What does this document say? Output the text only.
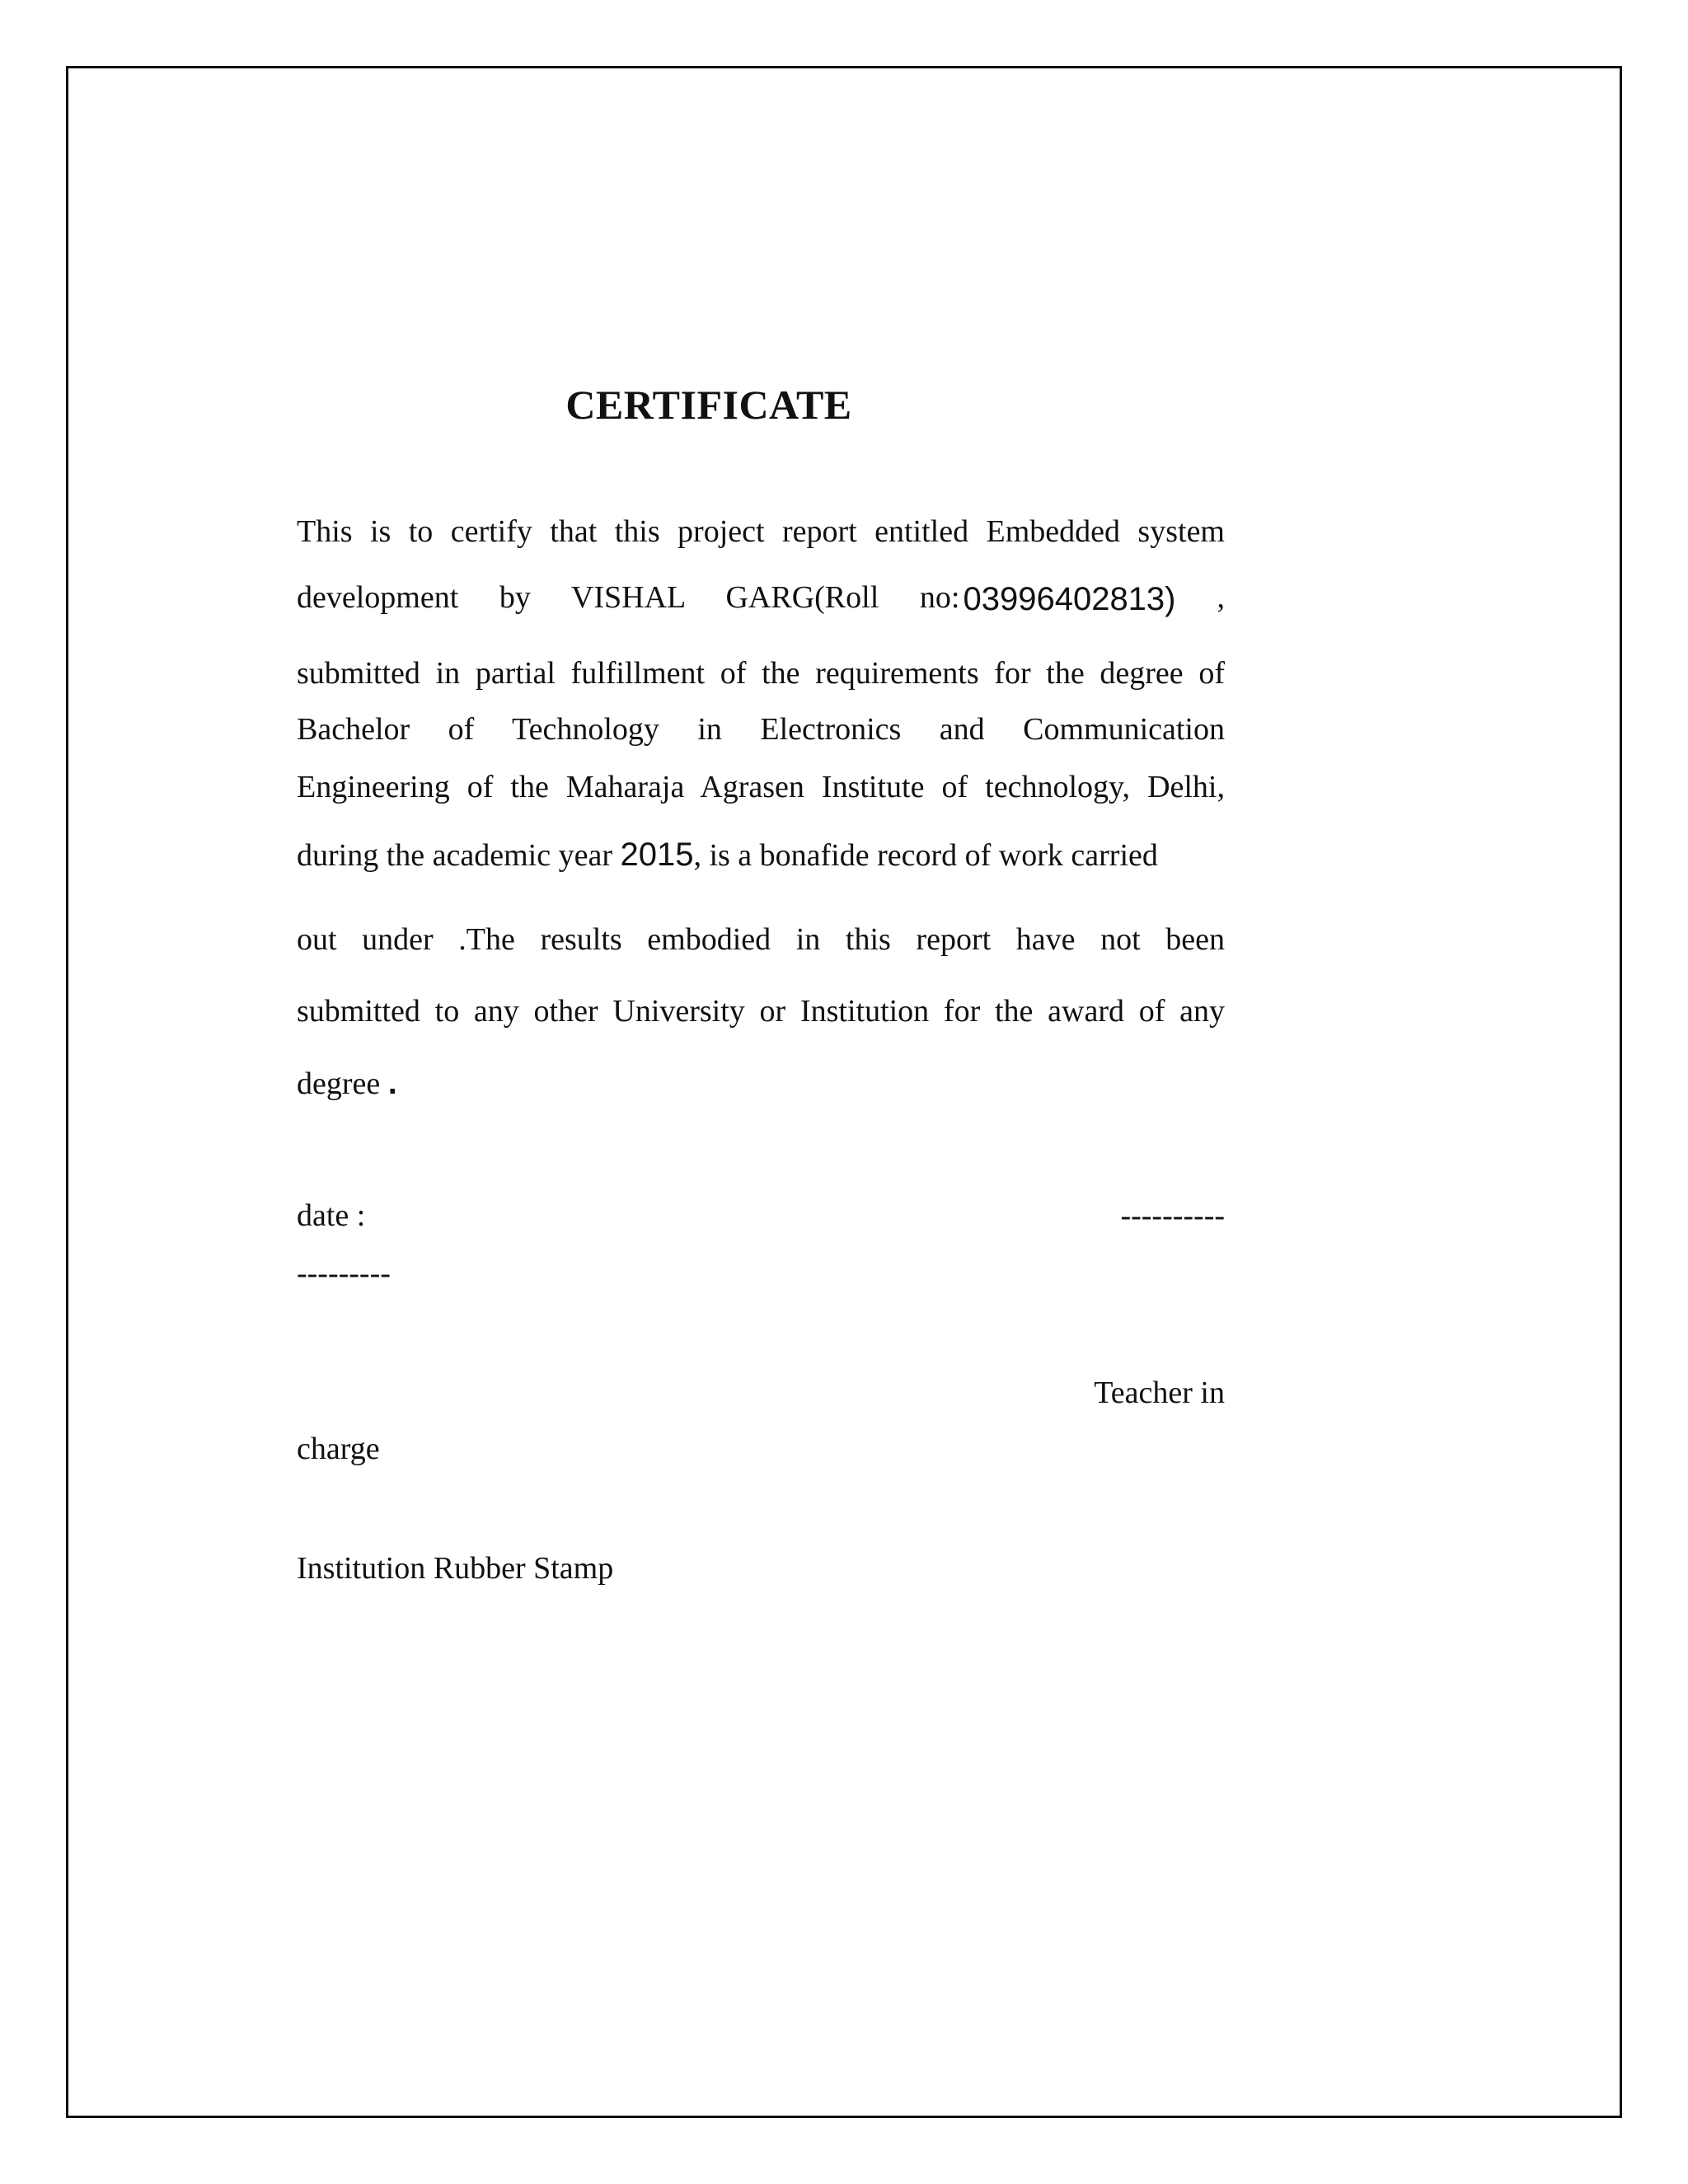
CERTIFICATE
This is to certify that this project report entitled Embedded system
development by VISHAL GARG(Roll no: 03996402813)	,
submitted in partial fulfillment of the requirements for the degree of
Bachelor of Technology in Electronics and Communication
Engineering of the Maharaja Agrasen Institute of technology, Delhi,
during the academic year 2015, is a bonafide record of work carried
out under .The results embodied in this report have not been
submitted to any other University or Institution for the award of any
degree .
date :	----------
---------
Teacher in
charge
Institution Rubber Stamp
